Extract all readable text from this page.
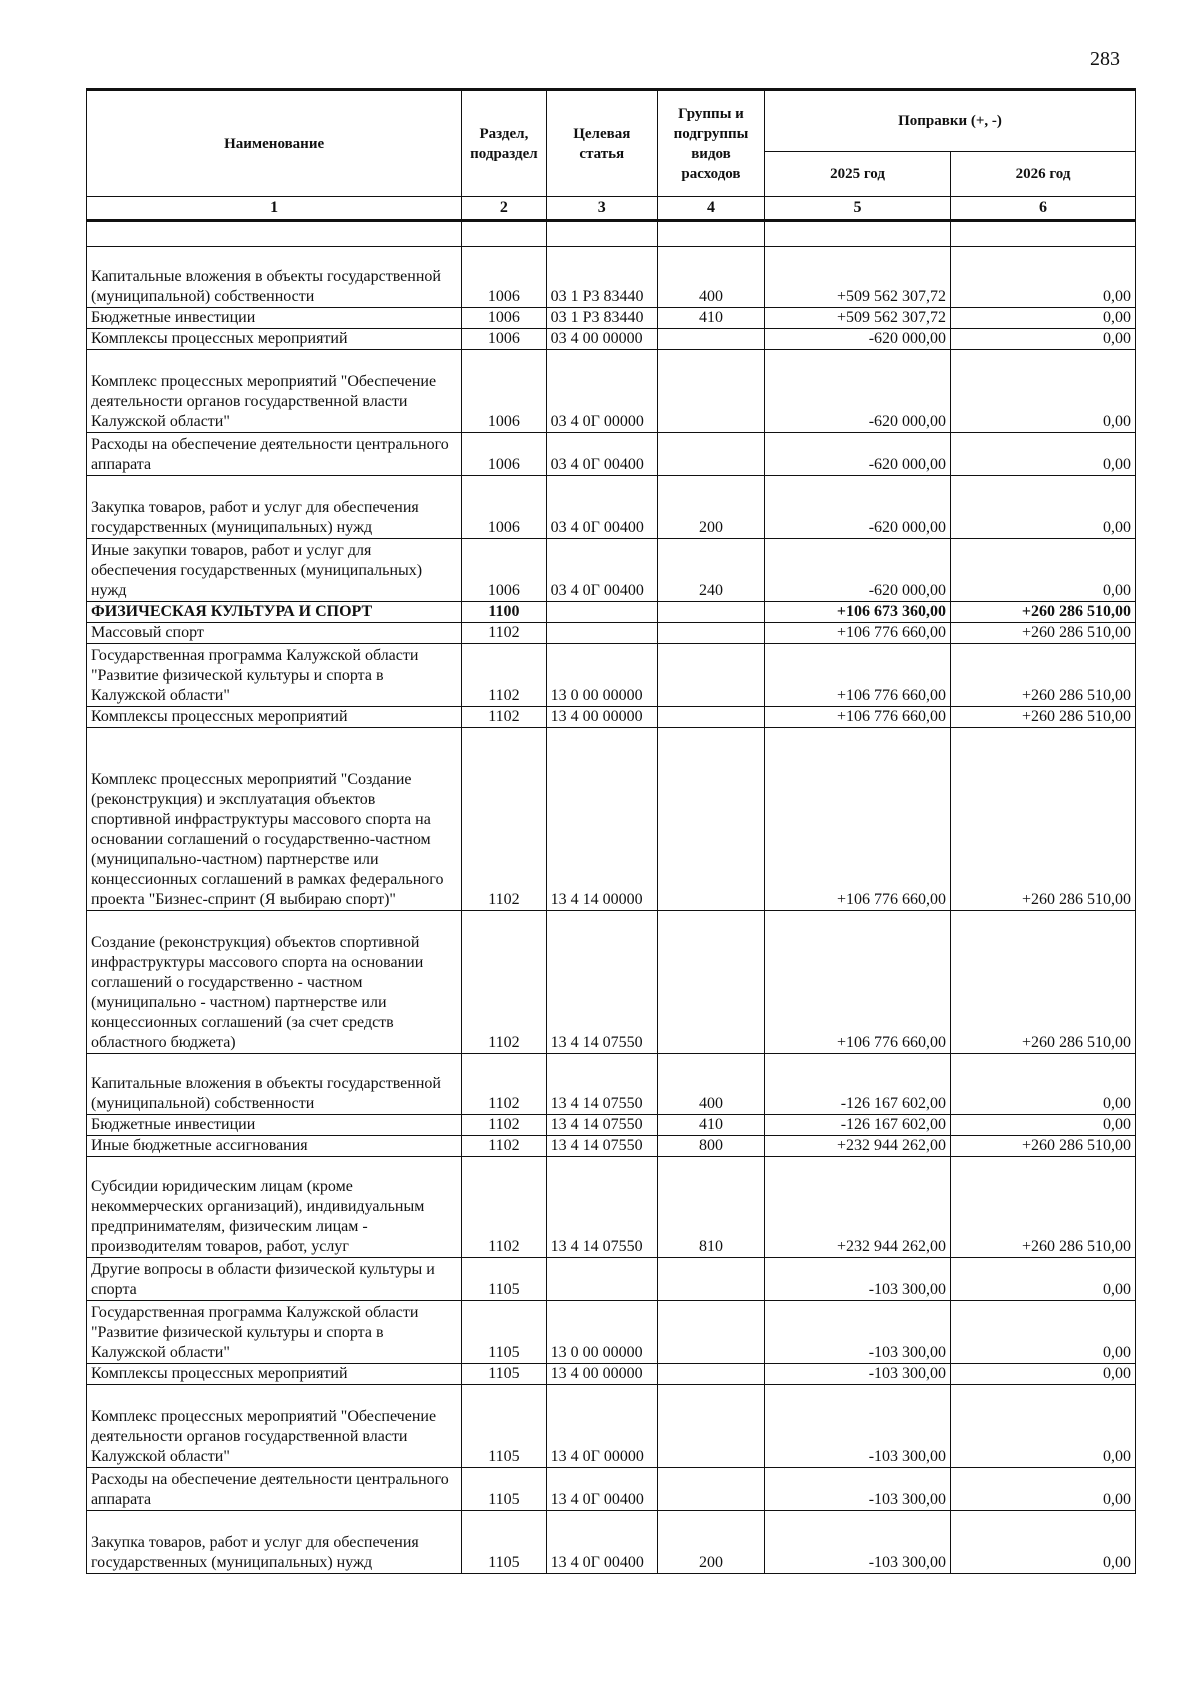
283
Наименование	Раздел, подраздел	Целевая статья	Группы и подгруппы видов расходов	Поправки (+, -)	
				2025 год	2026 год
1	2	3	4	5	6

Капитальные вложения в объекты государственной (муниципальной) собственности	1006	03 1 Р3 83440	400	+509 562 307,72	0,00
Бюджетные инвестиции	1006	03 1 Р3 83440	410	+509 562 307,72	0,00
Комплексы процессных мероприятий	1006	03 4 00 00000		-620 000,00	0,00
Комплекс процессных мероприятий "Обеспечение деятельности органов государственной власти Калужской области"	1006	03 4 0Г 00000		-620 000,00	0,00
Расходы на обеспечение деятельности центрального аппарата	1006	03 4 0Г 00400		-620 000,00	0,00
Закупка товаров, работ и услуг для обеспечения государственных (муниципальных) нужд	1006	03 4 0Г 00400	200	-620 000,00	0,00
Иные закупки товаров, работ и услуг для обеспечения государственных (муниципальных) нужд	1006	03 4 0Г 00400	240	-620 000,00	0,00
ФИЗИЧЕСКАЯ КУЛЬТУРА И СПОРТ	1100			+106 673 360,00	+260 286 510,00
Массовый спорт	1102			+106 776 660,00	+260 286 510,00
Государственная программа Калужской области "Развитие физической культуры и спорта в Калужской области"	1102	13 0 00 00000		+106 776 660,00	+260 286 510,00
Комплексы процессных мероприятий	1102	13 4 00 00000		+106 776 660,00	+260 286 510,00
Комплекс процессных мероприятий "Создание (реконструкция) и эксплуатация объектов спортивной инфраструктуры массового спорта на основании соглашений о государственно-частном (муниципально-частном) партнерстве или концессионных соглашений в рамках федерального проекта "Бизнес-спринт (Я выбираю спорт)"	1102	13 4 14 00000		+106 776 660,00	+260 286 510,00
Создание (реконструкция) объектов спортивной инфраструктуры массового спорта на основании соглашений о государственно - частном (муниципально - частном) партнерстве или концессионных соглашений (за счет средств областного бюджета)	1102	13 4 14 07550		+106 776 660,00	+260 286 510,00
Капитальные вложения в объекты государственной (муниципальной) собственности	1102	13 4 14 07550	400	-126 167 602,00	0,00
Бюджетные инвестиции	1102	13 4 14 07550	410	-126 167 602,00	0,00
Иные бюджетные ассигнования	1102	13 4 14 07550	800	+232 944 262,00	+260 286 510,00
Субсидии юридическим лицам (кроме некоммерческих организаций), индивидуальным предпринимателям, физическим лицам - производителям товаров, работ, услуг	1102	13 4 14 07550	810	+232 944 262,00	+260 286 510,00
Другие вопросы в области физической культуры и спорта	1105			-103 300,00	0,00
Государственная программа Калужской области "Развитие физической культуры и спорта в Калужской области"	1105	13 0 00 00000		-103 300,00	0,00
Комплексы процессных мероприятий	1105	13 4 00 00000		-103 300,00	0,00
Комплекс процессных мероприятий "Обеспечение деятельности органов государственной власти Калужской области"	1105	13 4 0Г 00000		-103 300,00	0,00
Расходы на обеспечение деятельности центрального аппарата	1105	13 4 0Г 00400		-103 300,00	0,00
Закупка товаров, работ и услуг для обеспечения государственных (муниципальных) нужд	1105	13 4 0Г 00400	200	-103 300,00	0,00
